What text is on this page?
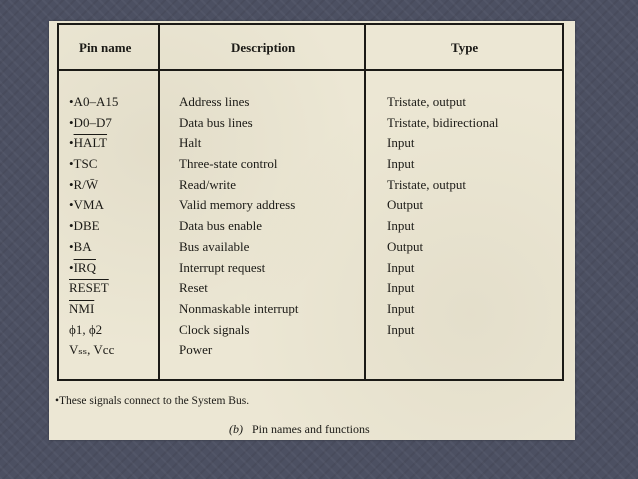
Pin name	Description	Type
•A0–A15	Address lines	Tristate, output
•D0–D7	Data bus lines	Tristate, bidirectional
•HALT	Halt	Input
•TSC	Three-state control	Input
•R/W̄	Read/write	Tristate, output
•VMA	Valid memory address	Output
•DBE	Data bus enable	Input
•BA	Bus available	Output
$•\overline{IRQ}$	Interrupt request	Input
RESET	Reset	Input
$\overline{NMI}$	Nonmaskable interrupt	Input
ϕ1, ϕ2	Clock signals	Input
Vₛₛ, Vcc	Power
•These signals connect to the System Bus.
(b) Pin names and functions
